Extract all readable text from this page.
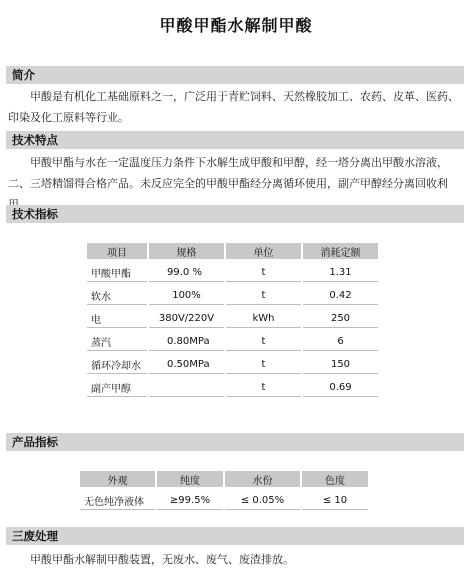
甲酸甲酯水解制甲酸
简介

甲酸是有机化工基础原料之一，广泛用于青贮饲料、天然橡胶加工、农药、皮革、医药、印染及化工原料等行业。

技术特点

甲酸甲酯与水在一定温度压力条件下水解生成甲酸和甲醇，经一塔分离出甲酸水溶液，二、三塔精馏得合格产品。未反应完全的甲酸甲酯经分离循环使用，副产甲醇经分离回收利

技术指标
项目	规格	单位	消耗定额
甲酸甲酯	99.0 %	t	1.31
软水	100%	t	0.42
电	380V/220V	kWh	250
蒸汽	0.80MPa	t	6
循环冷却水	0.50MPa	t	150
副产甲醇		t	0.69
产品指标
外观	纯度	水份	色度
无色纯净液体	≥99.5%	≤ 0.05%	≤ 10
三废处理

甲酸甲酯水解制甲酸装置，无废水、废气、废渣排放。
